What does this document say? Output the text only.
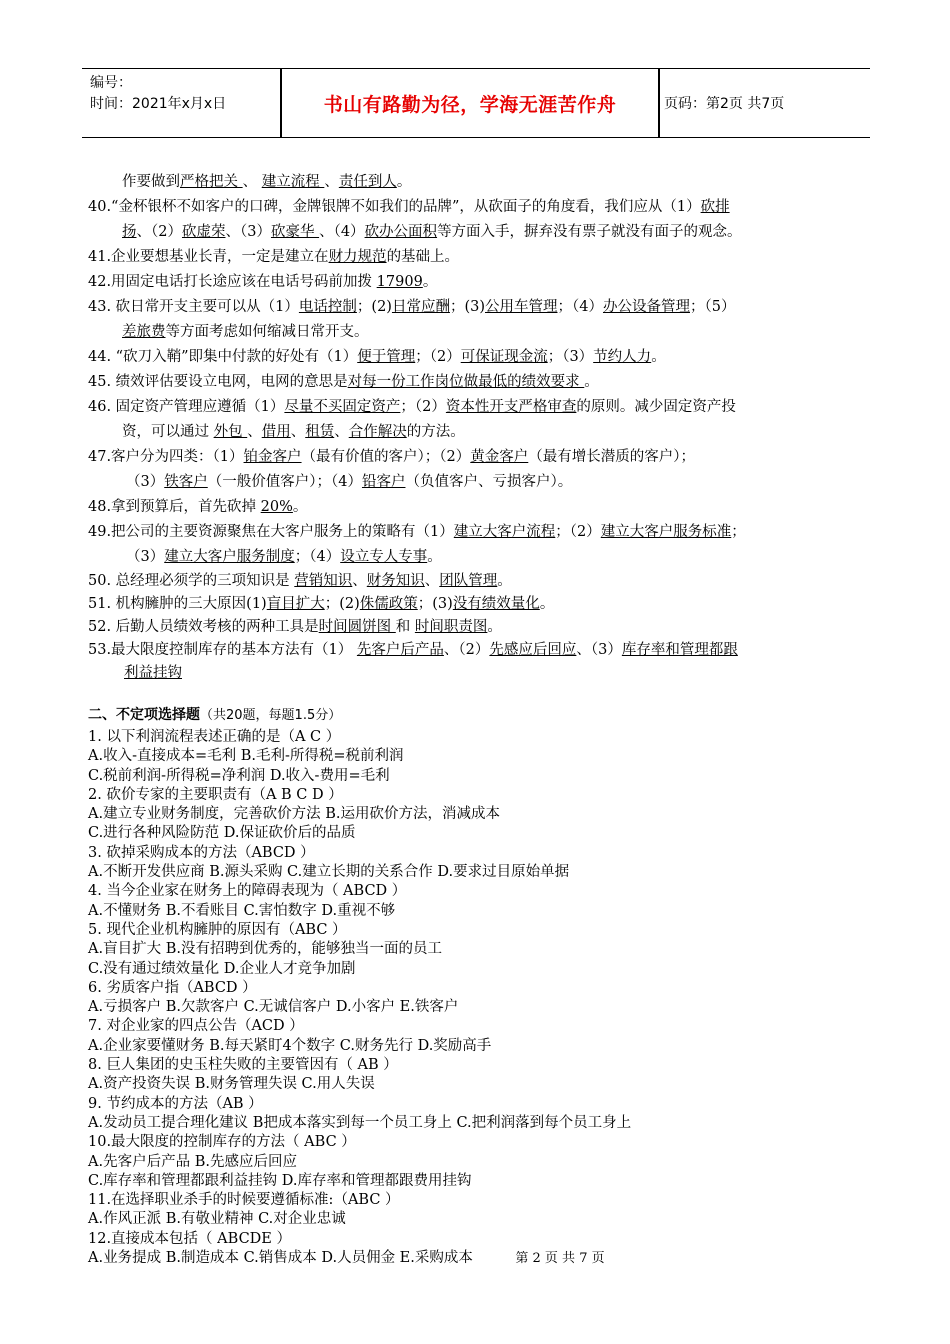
编号：
时间：2021年x月x日	书山有路勤为径，学海无涯苦作舟	页码：第2页 共7页
作要做到严格把关 、 建立流程 、责任到人。
40.“金杯银杯不如客户的口碑，金牌银牌不如我们的品牌”，从砍面子的角度看，我们应从（1）砍排
扬、（2）砍虚荣、（3）砍豪华 、（4）砍办公面积等方面入手，摒弃没有票子就没有面子的观念。
41.企业要想基业长青，一定是建立在财力规范的基础上。
42.用固定电话打长途应该在电话号码前加拨 17909。
43. 砍日常开支主要可以从（1）电话控制；(2)日常应酬；(3)公用车管理；（4）办公设备管理；（5）
差旅费等方面考虑如何缩减日常开支。
44. “砍刀入鞘”即集中付款的好处有（1）便于管理；（2）可保证现金流；（3）节约人力。
45. 绩效评估要设立电网，电网的意思是对每一份工作岗位做最低的绩效要求 。
46. 固定资产管理应遵循（1）尽量不买固定资产；（2）资本性开支严格审查的原则。减少固定资产投
资，可以通过 外包 、借用、租赁、合作解决的方法。
47.客户分为四类：（1）铂金客户（最有价值的客户）；（2）黄金客户（最有增长潜质的客户）；
（3）铁客户（一般价值客户）；（4）铅客户（负值客户、亏损客户）。
48.拿到预算后，首先砍掉 20%。
49.把公司的主要资源聚焦在大客户服务上的策略有（1）建立大客户流程；（2）建立大客户服务标准；
（3）建立大客户服务制度；（4）设立专人专事。
50. 总经理必须学的三项知识是 营销知识、财务知识、团队管理。
51. 机构臃肿的三大原因(1)盲目扩大；(2)侏儒政策；(3)没有绩效量化。
52. 后勤人员绩效考核的两种工具是时间圆饼图 和 时间职责图。
53.最大限度控制库存的基本方法有（1） 先客户后产品、（2）先感应后回应、（3）库存率和管理都跟
利益挂钩
二、不定项选择题（共20题，每题1.5分）
1. 以下利润流程表述正确的是（A C ）
A.收入-直接成本=毛利 B.毛利-所得税=税前利润
C.税前利润-所得税=净利润 D.收入-费用=毛利
2. 砍价专家的主要职责有（A B C D ）
A.建立专业财务制度，完善砍价方法 B.运用砍价方法，消减成本
C.进行各种风险防范 D.保证砍价后的品质
3. 砍掉采购成本的方法（ABCD ）
A.不断开发供应商 B.源头采购 C.建立长期的关系合作 D.要求过目原始单据
4. 当今企业家在财务上的障碍表现为（ ABCD ）
A.不懂财务 B.不看账目 C.害怕数字 D.重视不够
5. 现代企业机构臃肿的原因有（ABC ）
A.盲目扩大 B.没有招聘到优秀的，能够独当一面的员工
C.没有通过绩效量化 D.企业人才竞争加剧
6. 劣质客户指（ABCD ）
A.亏损客户 B.欠款客户 C.无诚信客户 D.小客户 E.铁客户
7. 对企业家的四点公告（ACD ）
A.企业家要懂财务 B.每天紧盯4个数字 C.财务先行 D.奖励高手
8. 巨人集团的史玉柱失败的主要管因有（ AB ）
A.资产投资失误 B.财务管理失误 C.用人失误
9. 节约成本的方法（AB ）
A.发动员工提合理化建议 B把成本落实到每一个员工身上 C.把利润落到每个员工身上
10.最大限度的控制库存的方法（ ABC ）
A.先客户后产品 B.先感应后回应
C.库存率和管理都跟利益挂钩 D.库存率和管理都跟费用挂钩
11.在选择职业杀手的时候要遵循标准:（ABC ）
A.作风正派 B.有敬业精神 C.对企业忠诚
12.直接成本包括（ ABCDE ）
A.业务提成 B.制造成本 C.销售成本 D.人员佣金 E.采购成本	第 2 页 共 7 页
